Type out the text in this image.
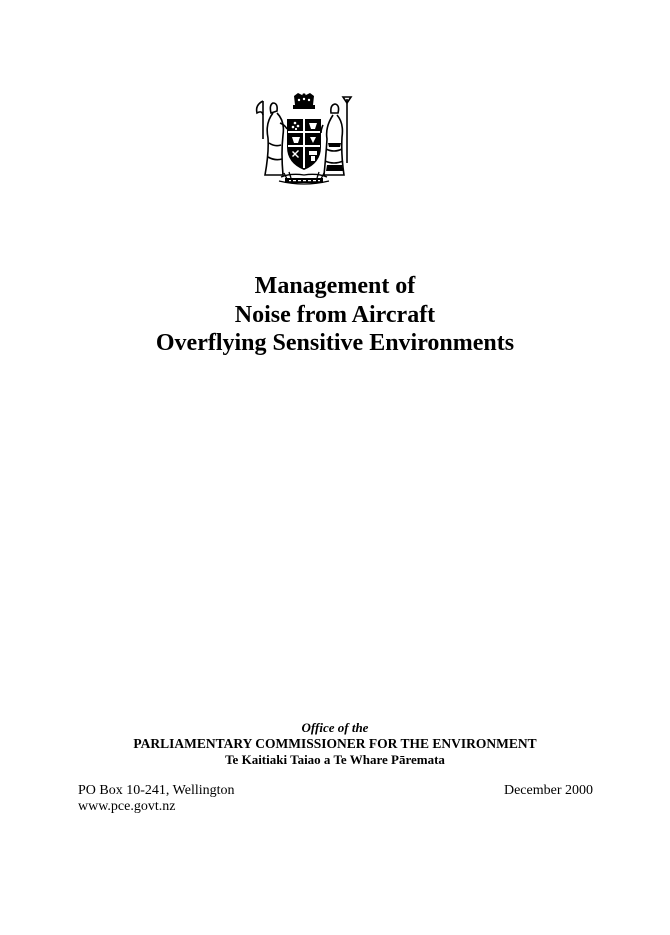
Management of
Noise from Aircraft
Overflying Sensitive Environments
Office of the
PARLIAMENTARY COMMISSIONER FOR THE ENVIRONMENT
Te Kaitiaki Taiao a Te Whare Pāremata
PO Box 10-241, Wellington
www.pce.govt.nz
December 2000
